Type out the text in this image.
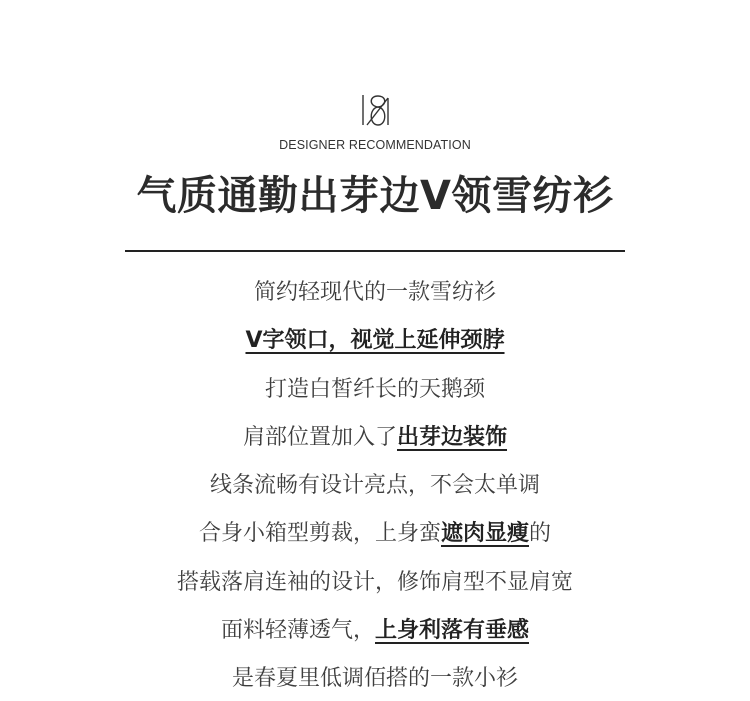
DESIGNER RECOMMENDATION
气质通勤出芽边V领雪纺衫
简约轻现代的一款雪纺衫
V字领口，视觉上延伸颈脖
打造白皙纤长的天鹅颈
肩部位置加入了出芽边装饰
线条流畅有设计亮点，不会太单调
合身小箱型剪裁，上身蛮遮肉显瘦的
搭载落肩连袖的设计，修饰肩型不显肩宽
面料轻薄透气，上身利落有垂感
是春夏里低调佰搭的一款小衫
